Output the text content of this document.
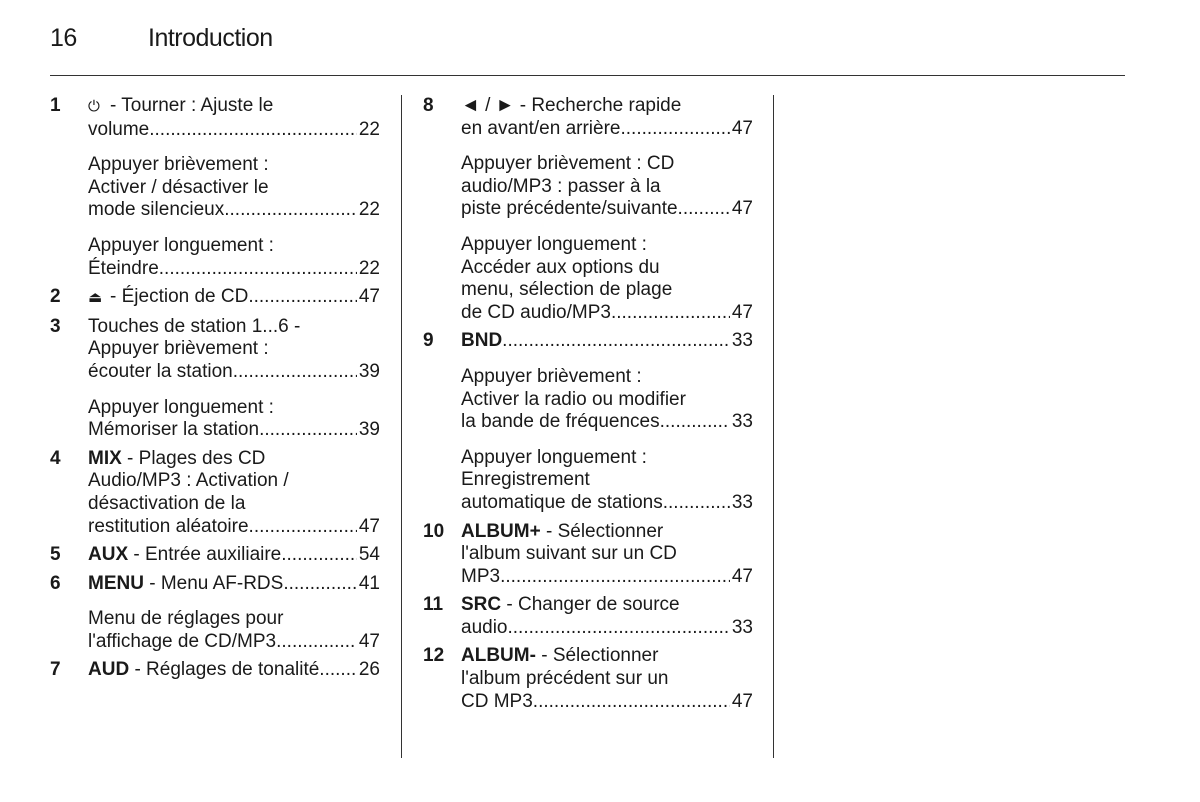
16	Introduction
1	⏻ - Tourner : Ajuste le
volume .....	22
Appuyer brièvement :
Activer / désactiver le
mode silencieux .....	22
Appuyer longuement :
Éteindre .....	22
2	⏏ - Éjection de CD .....	47
3	Touches de station 1...6 -
Appuyer brièvement :
écouter la station .....	39
Appuyer longuement :
Mémoriser la station .....	39
4	MIX - Plages des CD
Audio/MP3 : Activation /
désactivation de la
restitution aléatoire .....	47
5	AUX - Entrée auxiliaire .....	54
6	MENU - Menu AF-RDS .....	41
Menu de réglages pour
l'affichage de CD/MP3 .....	47
7	AUD - Réglages de tonalité ..... 26
8	◄ / ► - Recherche rapide
en avant/en arrière .....	47
Appuyer brièvement : CD
audio/MP3 : passer à la
piste précédente/suivante .....	47
Appuyer longuement :
Accéder aux options du
menu, sélection de plage
de CD audio/MP3 .....	47
9	BND .....	33
Appuyer brièvement :
Activer la radio ou modifier
la bande de fréquences .....	33
Appuyer longuement :
Enregistrement
automatique de stations .....	33
10 ALBUM+ - Sélectionner
l'album suivant sur un CD
MP3 .....	47
11 SRC - Changer de source
audio .....	33
12 ALBUM- - Sélectionner
l'album précédent sur un
CD MP3 .....	47
